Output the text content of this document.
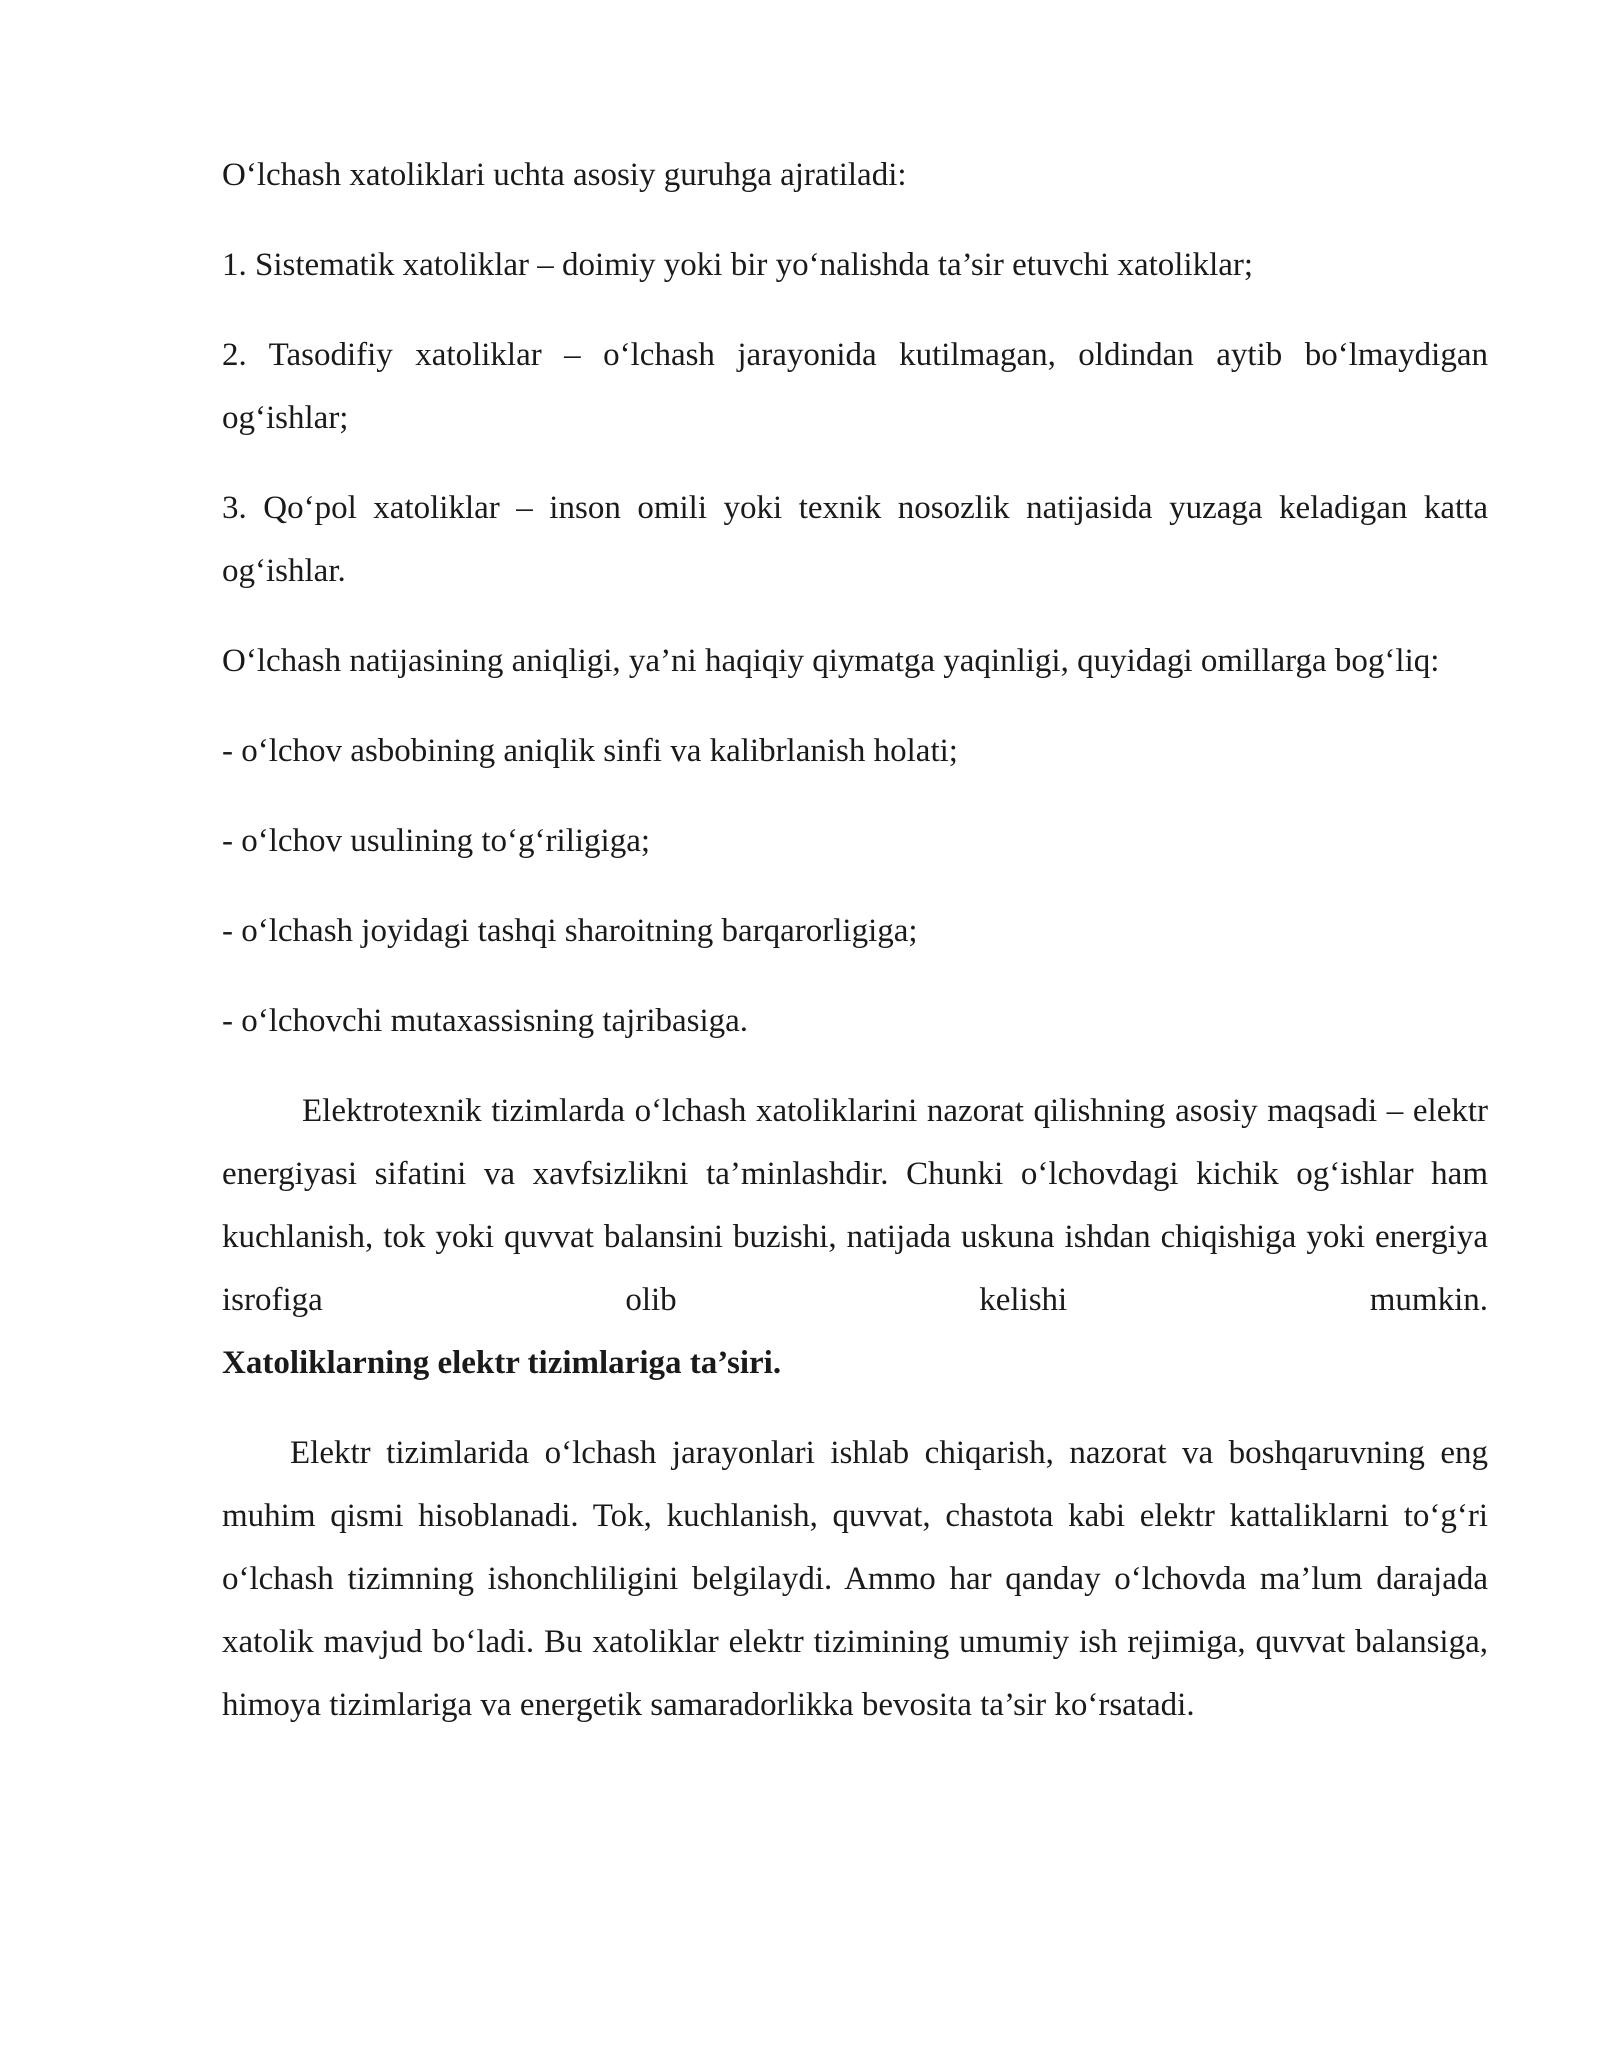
O‘lchash xatoliklari uchta asosiy guruhga ajratiladi:

1. Sistematik xatoliklar – doimiy yoki bir yo‘nalishda ta’sir etuvchi xatoliklar;

2. Tasodifiy xatoliklar – o‘lchash jarayonida kutilmagan, oldindan aytib bo‘lmaydigan og‘ishlar;

3. Qo‘pol xatoliklar – inson omili yoki texnik nosozlik natijasida yuzaga keladigan katta og‘ishlar.

O‘lchash natijasining aniqligi, ya’ni haqiqiy qiymatga yaqinligi, quyidagi omillarga bog‘liq:

- o‘lchov asbobining aniqlik sinfi va kalibrlanish holati;

- o‘lchov usulining to‘g‘riligiga;

- o‘lchash joyidagi tashqi sharoitning barqarorligiga;

- o‘lchovchi mutaxassisning tajribasiga.

Elektrotexnik tizimlarda o‘lchash xatoliklarini nazorat qilishning asosiy maqsadi – elektr energiyasi sifatini va xavfsizlikni ta’minlashdir. Chunki o‘lchovdagi kichik og‘ishlar ham kuchlanish, tok yoki quvvat balansini buzishi, natijada uskuna ishdan chiqishiga yoki energiya isrofiga olib kelishi mumkin.
Xatoliklarning elektr tizimlariga ta’siri.

Elektr tizimlarida o‘lchash jarayonlari ishlab chiqarish, nazorat va boshqaruvning eng muhim qismi hisoblanadi. Tok, kuchlanish, quvvat, chastota kabi elektr kattaliklarni to‘g‘ri o‘lchash tizimning ishonchliligini belgilaydi. Ammo har qanday o‘lchovda ma’lum darajada xatolik mavjud bo‘ladi. Bu xatoliklar elektr tizimining umumiy ish rejimiga, quvvat balansiga, himoya tizimlariga va energetik samaradorlikka bevosita ta’sir ko‘rsatadi.
